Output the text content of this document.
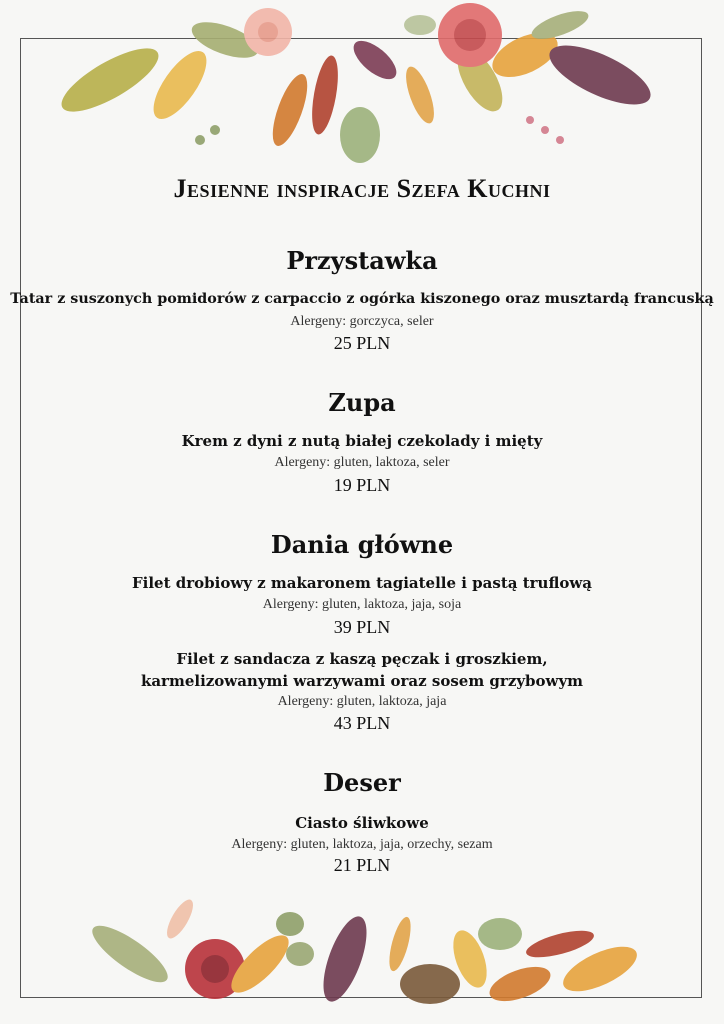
Jesienne inspiracje Szefa Kuchni
Przystawka
Tatar z suszonych pomidorów z carpaccio z ogórka kiszonego oraz musztardą francuską
Alergeny: gorczyca, seler
25 PLN
Zupa
Krem z dyni z nutą białej czekolady i mięty
Alergeny: gluten, laktoza, seler
19 PLN
Dania główne
Filet drobiowy z makaronem tagiatelle i pastą truflową
Alergeny: gluten, laktoza, jaja, soja
39 PLN
Filet z sandacza z kaszą pęczak i groszkiem,
karmelizowanymi warzywami oraz sosem grzybowym
Alergeny: gluten, laktoza, jaja
43 PLN
Deser
Ciasto śliwkowe
Alergeny: gluten, laktoza, jaja, orzechy, sezam
21 PLN
